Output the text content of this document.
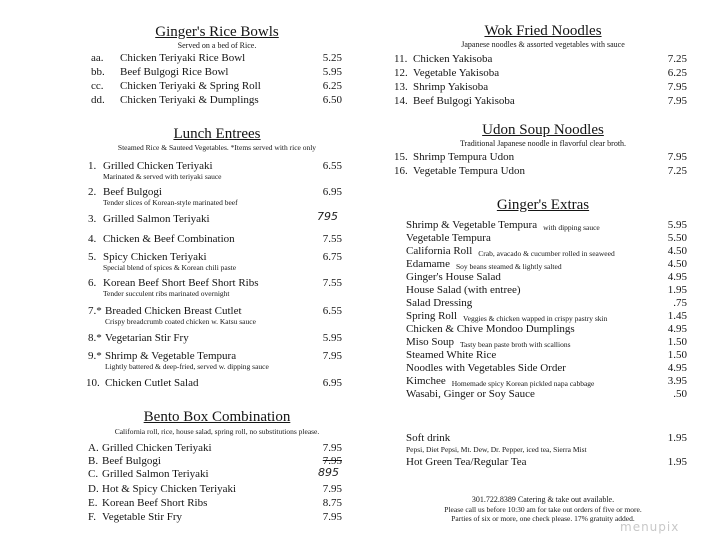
Ginger's Rice Bowls

Served on a bed of Rice.

aa. Chicken Teriyaki Rice Bowl	5.25
bb. Beef Bulgogi Rice Bowl	5.95
cc. Chicken Teriyaki & Spring Roll	6.25
dd. Chicken Teriyaki & Dumplings	6.50

Lunch Entrees

Steamed Rice & Sauteed Vegetables. *Items served with rice only
1. Grilled Chicken Teriyaki	6.55
Marinated & served with teriyaki sauce
2. Beef Bulgogi	6.95
Tender slices of Korean-style marinated beef
3. Grilled Salmon Teriyaki	795
4. Chicken & Beef Combination	7.55
5. Spicy Chicken Teriyaki	6.75
Special blend of spices & Korean chili paste
6. Korean Beef Short Beef Short Ribs	7.55
Tender succulent ribs marinated overnight
7.* Breaded Chicken Breast Cutlet	6.55
Crispy breadcrumb coated chicken w. Katsu sauce
8.* Vegetarian Stir Fry	5.95
9.* Shrimp & Vegetable Tempura	7.95
Lightly battered & deep-fried, served w. dipping sauce
10. Chicken Cutlet Salad	6.95

Bento Box Combination

California roll, rice, house salad, spring roll, no substitutions please.
A. Grilled Chicken Teriyaki	7.95
B. Beef Bulgogi	7.95
C. Grilled Salmon Teriyaki	895
D. Hot & Spicy Chicken Teriyaki	7.95
E. Korean Beef Short Ribs	8.75
F. Vegetable Stir Fry	7.95

Wok Fried Noodles

Japanese noodles & assorted vegetables with sauce

11. Chicken Yakisoba	7.25
12. Vegetable Yakisoba	6.25
13. Shrimp Yakisoba	7.95
14. Beef Bulgogi Yakisoba	7.95

Udon Soup Noodles

Traditional Japanese noodle in flavorful clear broth.

15. Shrimp Tempura Udon	7.95
16. Vegetable Tempura Udon	7.25

Ginger's Extras

Shrimp & Vegetable Tempura with dipping sauce	5.95
Vegetable Tempura	5.50
California Roll Crab, avacado & cucumber rolled in seaweed	4.50
Edamame Soy beans steamed & lightly salted	4.50
Ginger's House Salad	4.95
House Salad (with entree)	1.95
Salad Dressing	.75
Spring Roll Veggies & chicken wapped in crispy pastry skin	1.45
Chicken & Chive Mondoo Dumplings	4.95
Miso Soup Tasty bean paste broth with scallions	1.50
Steamed White Rice	1.50
Noodles with Vegetables Side Order	4.95
Kimchee Homemade spicy Korean pickled napa cabbage	3.95
Wasabi, Ginger or Soy Sauce	.50
Soft drink	1.95
Pepsi, Diet Pepsi, Mt. Dew, Dr. Pepper, iced tea, Sierra Mist
Hot Green Tea/Regular Tea	1.95
301.722.8389 Catering & take out available.
Please call us before 10:30 am for take out orders of five or more.
Parties of six or more, one check please. 17% gratuity added.
menupix
